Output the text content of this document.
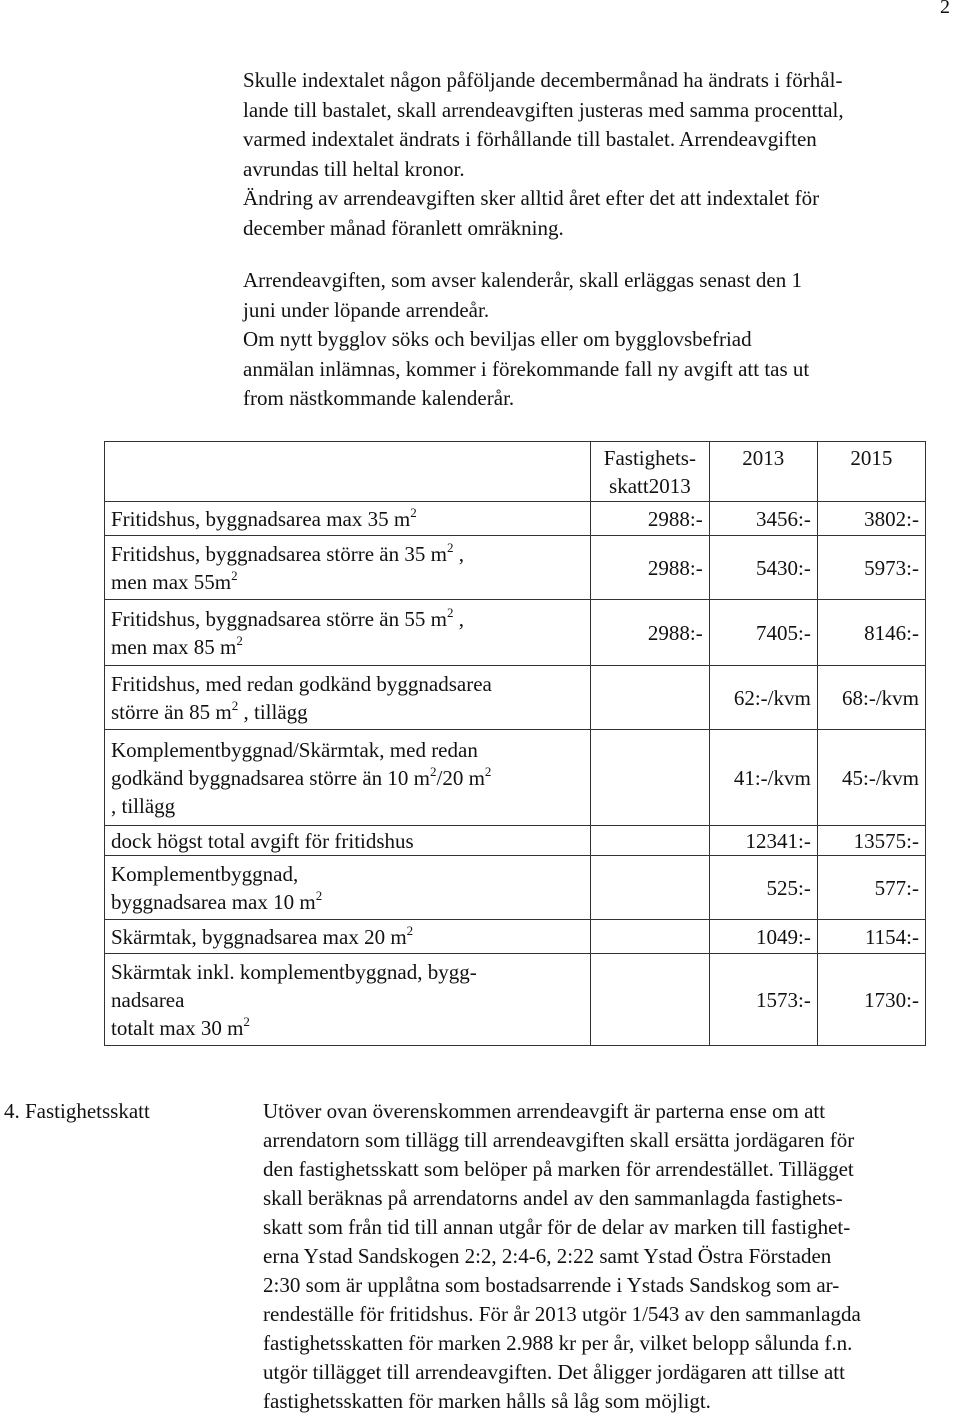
2

Skulle indextalet någon påföljande decembermånad ha ändrats i förhål-
lande till bastalet, skall arrendeavgiften justeras med samma procenttal,
varmed indextalet ändrats i förhållande till bastalet. Arrendeavgiften
avrundas till heltal kronor.
Ändring av arrendeavgiften sker alltid året efter det att indextalet för
december månad föranlett omräkning.

Arrendeavgiften, som avser kalenderår, skall erläggas senast den 1
juni under löpande arrendeår.
Om nytt bygglov söks och beviljas eller om bygglovsbefriad
anmälan inlämnas, kommer i förekommande fall ny avgift att tas ut
from nästkommande kalenderår.

	Fastighets-
skatt2013	2013	2015
Fritidshus, byggnadsarea max 35 $m^2$	2988:-	3456:-	3802:-

Fritidshus, byggnadsarea större än 35 $m^2$ ,
men $\max 55m^2$	2988:-	5430:-	5973:-

Fritidshus, byggnadsarea större än 55 $m^2$ ,
men max 85 $m^2$	2988:-	7405:-	8146:-

Fritidshus, med redan godkänd byggnadsarea
större än 85 $m^2$ , tillägg		62:-/kvm	68:-/kvm

Komplementbyggnad/Skärmtak, med redan
godkänd byggnadsarea större än 10 $m^2/20$ $m^2$
, tillägg		41:-/kvm	45:-/kvm
dock högst total avgift för fritidshus		12341:-	13575:-

Komplementbyggnad,
byggnadsarea max 10 $m^2$		525:-	577:-
Skärmtak, byggnadsarea max 20 $m^2$		1049:-	1154:-

Skärmtak inkl. komplementbyggnad, bygg-
nadsarea
totalt max 30 $m^2$		1573:-	1730:-
4. Fastighetsskatt	Utöver ovan överenskommen arrendeavgift är parterna ense om att
arrendatorn som tillägg till arrendeavgiften skall ersätta jordägaren för
den fastighetsskatt som belöper på marken för arrendestället. Tillägget
skall beräknas på arrendatorns andel av den sammanlagda fastighets-
skatt som från tid till annan utgår för de delar av marken till fastighet-
erna Ystad Sandskogen 2:2, 2:4-6, 2:22 samt Ystad Östra Förstaden
2:30 som är upplåtna som bostadsarrende i Ystads Sandskog som ar-
rendeställe för fritidshus. För år 2013 utgör 1/543 av den sammanlagda
fastighetsskatten för marken 2.988 kr per år, vilket belopp sålunda f.n.
utgör tillägget till arrendeavgiften. Det åligger jordägaren att tillse att
fastighetsskatten för marken hålls så låg som möjligt.
